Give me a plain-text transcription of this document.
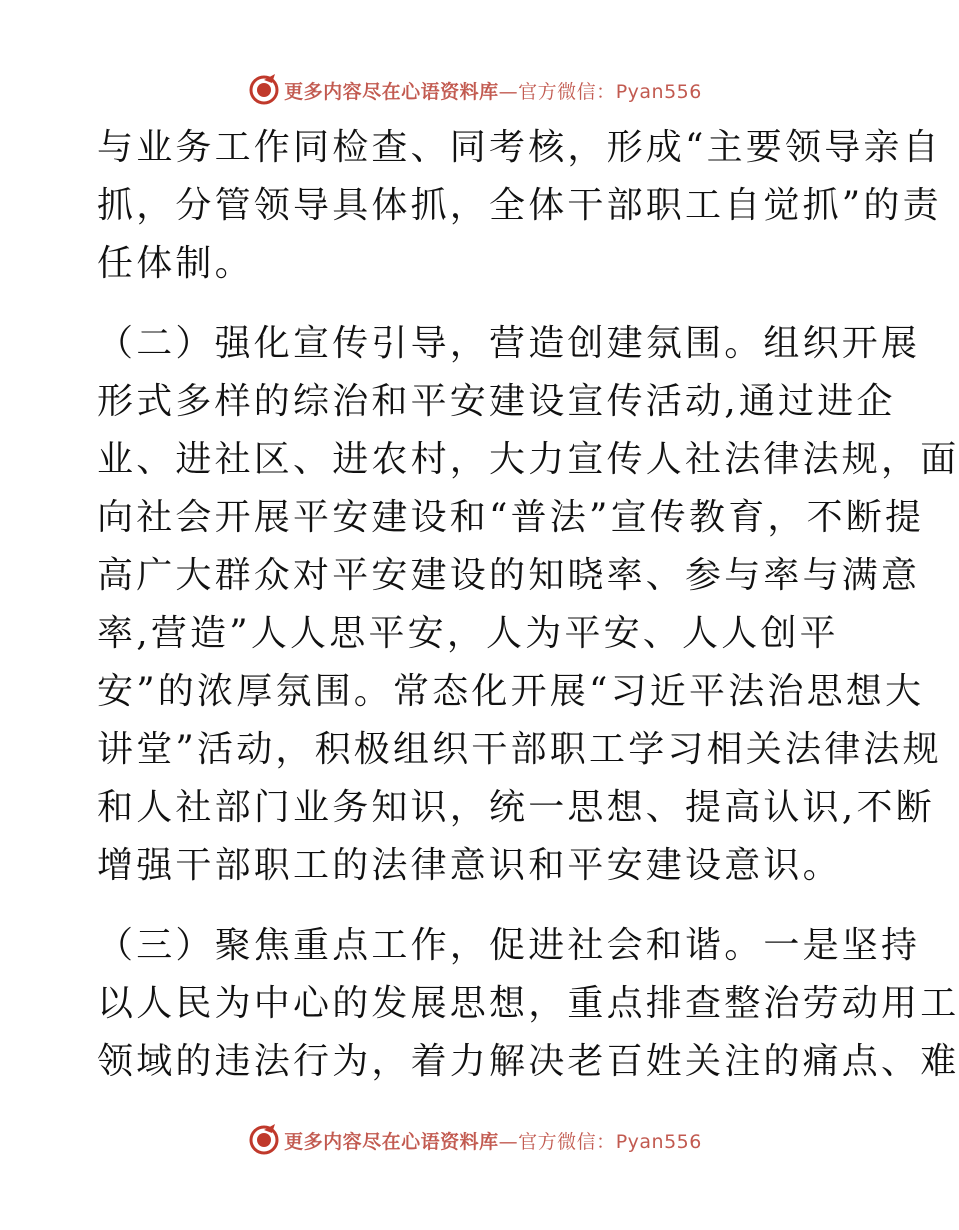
更多内容尽在心语资料库—官方微信：Pyan556
与业务工作同检查、同考核，形成“主要领导亲自
抓，分管领导具体抓，全体干部职工自觉抓”的责
任体制。
（二）强化宣传引导，营造创建氛围。组织开展
形式多样的综治和平安建设宣传活动,通过进企
业、进社区、进农村，大力宣传人社法律法规，面
向社会开展平安建设和“普法”宣传教育，不断提
高广大群众对平安建设的知晓率、参与率与满意
率,营造”人人思平安，人为平安、人人创平
安”的浓厚氛围。常态化开展“习近平法治思想大
讲堂”活动，积极组织干部职工学习相关法律法规
和人社部门业务知识，统一思想、提高认识,不断
增强干部职工的法律意识和平安建设意识。
（三）聚焦重点工作，促进社会和谐。一是坚持
以人民为中心的发展思想，重点排查整治劳动用工
领域的违法行为，着力解决老百姓关注的痛点、难
更多内容尽在心语资料库—官方微信：Pyan556
